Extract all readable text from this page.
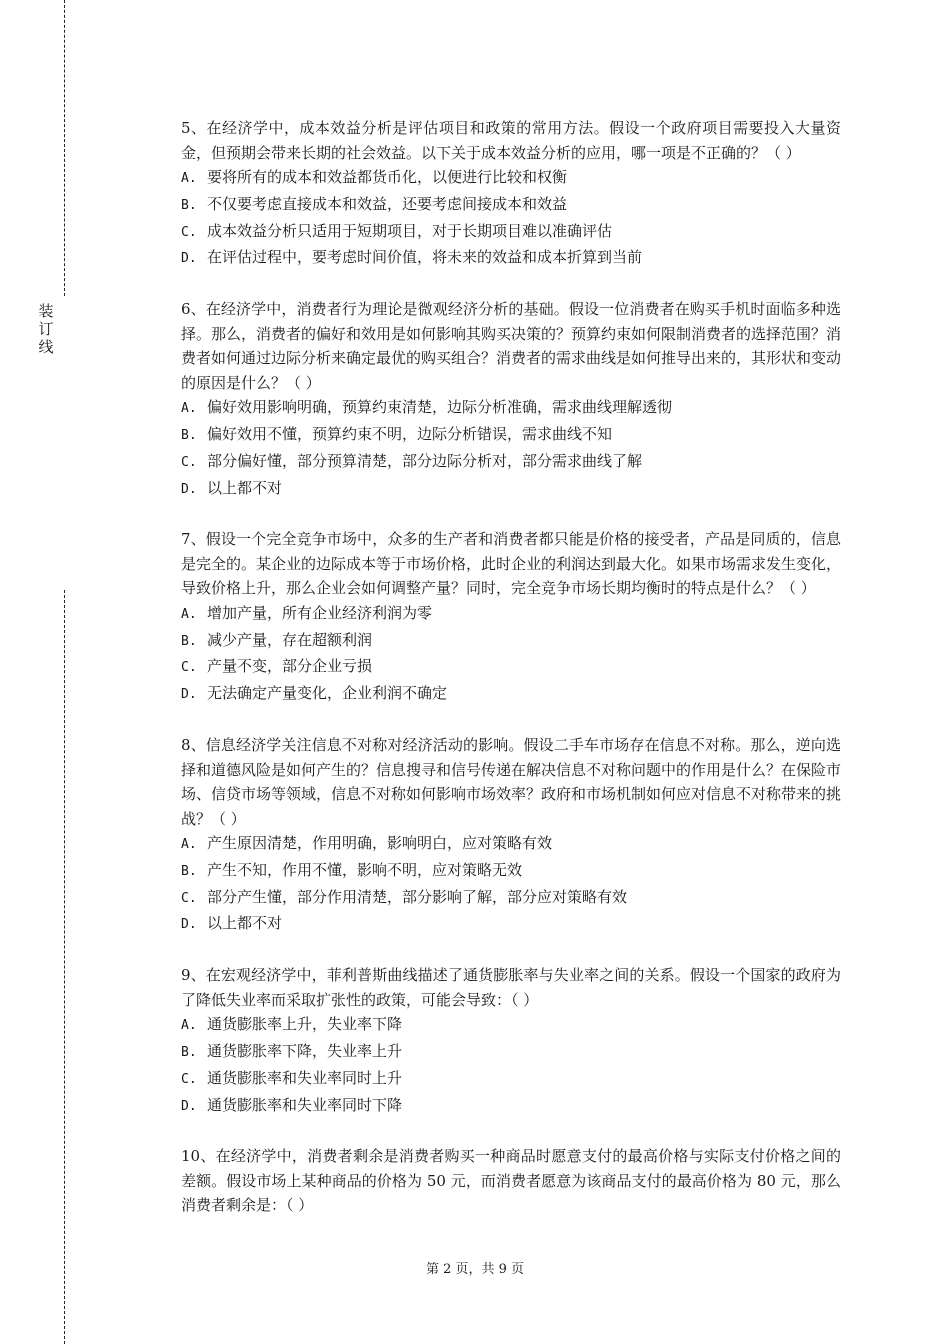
装
订
线

5、在经济学中，成本效益分析是评估项目和政策的常用方法。假设一个政府项目需要投入大量资金，但预期会带来长期的社会效益。以下关于成本效益分析的应用，哪一项是不正确的？（ ）

A. 要将所有的成本和效益都货币化，以便进行比较和权衡

B. 不仅要考虑直接成本和效益，还要考虑间接成本和效益

C. 成本效益分析只适用于短期项目，对于长期项目难以准确评估

D. 在评估过程中，要考虑时间价值，将未来的效益和成本折算到当前

6、在经济学中，消费者行为理论是微观经济分析的基础。假设一位消费者在购买手机时面临多种选择。那么，消费者的偏好和效用是如何影响其购买决策的？预算约束如何限制消费者的选择范围？消费者如何通过边际分析来确定最优的购买组合？消费者的需求曲线是如何推导出来的，其形状和变动的原因是什么？（ ）

A. 偏好效用影响明确，预算约束清楚，边际分析准确，需求曲线理解透彻

B. 偏好效用不懂，预算约束不明，边际分析错误，需求曲线不知

C. 部分偏好懂，部分预算清楚，部分边际分析对，部分需求曲线了解

D. 以上都不对

7、假设一个完全竞争市场中，众多的生产者和消费者都只能是价格的接受者，产品是同质的，信息是完全的。某企业的边际成本等于市场价格，此时企业的利润达到最大化。如果市场需求发生变化，导致价格上升，那么企业会如何调整产量？同时，完全竞争市场长期均衡时的特点是什么？（ ）

A. 增加产量，所有企业经济利润为零

B. 减少产量，存在超额利润

C. 产量不变，部分企业亏损

D. 无法确定产量变化，企业利润不确定

8、信息经济学关注信息不对称对经济活动的影响。假设二手车市场存在信息不对称。那么，逆向选择和道德风险是如何产生的？信息搜寻和信号传递在解决信息不对称问题中的作用是什么？在保险市场、信贷市场等领域，信息不对称如何影响市场效率？政府和市场机制如何应对信息不对称带来的挑战？（ ）

A. 产生原因清楚，作用明确，影响明白，应对策略有效

B. 产生不知，作用不懂，影响不明，应对策略无效

C. 部分产生懂，部分作用清楚，部分影响了解，部分应对策略有效

D. 以上都不对

9、在宏观经济学中，菲利普斯曲线描述了通货膨胀率与失业率之间的关系。假设一个国家的政府为了降低失业率而采取扩张性的政策，可能会导致：（ ）

A. 通货膨胀率上升，失业率下降

B. 通货膨胀率下降，失业率上升

C. 通货膨胀率和失业率同时上升

D. 通货膨胀率和失业率同时下降

10、在经济学中，消费者剩余是消费者购买一种商品时愿意支付的最高价格与实际支付价格之间的差额。假设市场上某种商品的价格为 50 元，而消费者愿意为该商品支付的最高价格为 80 元，那么消费者剩余是：（ ）

第 2 页，共 9 页
